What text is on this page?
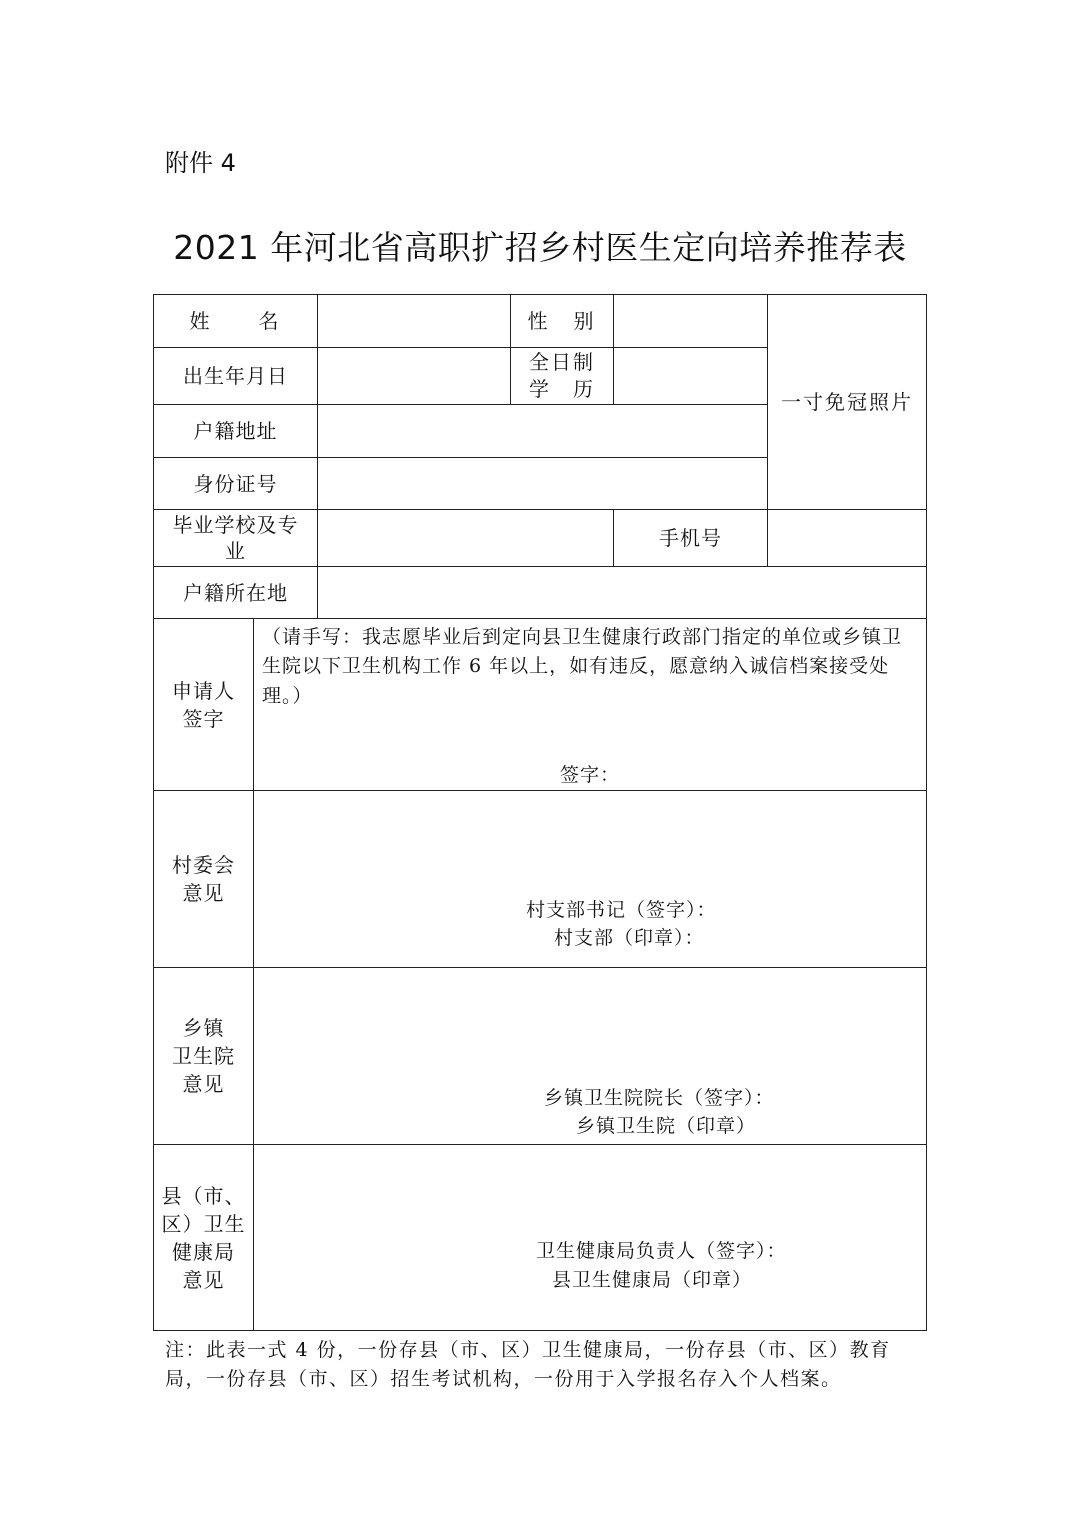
附件 4
2021 年河北省高职扩招乡村医生定向培养推荐表
姓　　名	性　别
一寸免冠照片
出生年月日
全日制
学　历
户籍地址
身份证号
毕业学校及专业
手机号
户籍所在地
申请人
签字
（请手写：我志愿毕业后到定向县卫生健康行政部门指定的单位或乡镇卫生院以下卫生机构工作 6 年以上，如有违反，愿意纳入诚信档案接受处理。）
签字：
村委会
意见
村支部书记（签字）：
村支部（印章）：
乡镇
卫生院
意见
乡镇卫生院院长（签字）：
乡镇卫生院（印章）
县（市、
区）卫生
健康局
意见
卫生健康局负责人（签字）：
县卫生健康局（印章）
注：此表一式 4 份，一份存县（市、区）卫生健康局，一份存县（市、区）教育局，一份存县（市、区）招生考试机构，一份用于入学报名存入个人档案。
